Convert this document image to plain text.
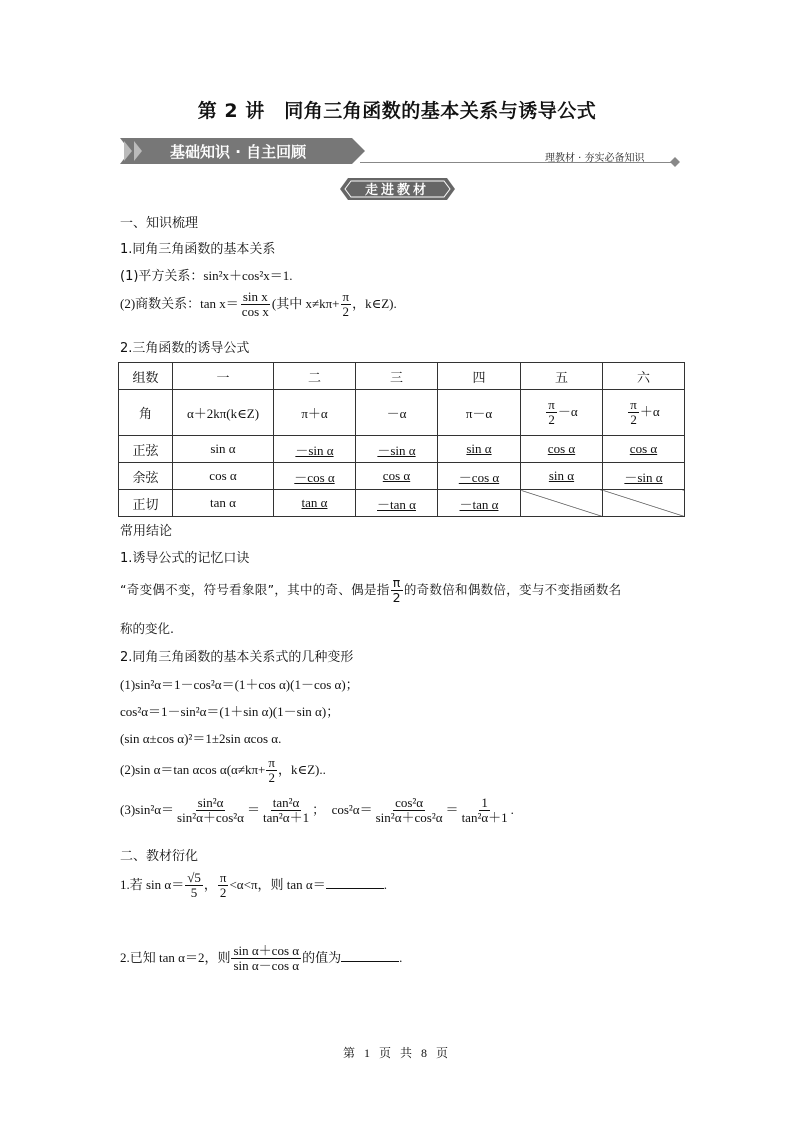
第 2 讲　同角三角函数的基本关系与诱导公式
基础知识 · 自主回顾	理教材 · 夯实必备知识
走进教材
一、知识梳理
1.同角三角函数的基本关系
(1)平方关系：sin²x＋cos²x＝1.
(2)商数关系：$\tan x= \frac{\text{sin x}}{\text{cos x}}$ (其中 $x\ne k\pi+ \frac{\pi}{2}$ ，k∈Z).
2.三角函数的诱导公式
组数	一	二	三	四	五	六
角	α＋2kπ(k∈Z)	π＋α	－α	π－α	$\frac{\pi}{2} -\alpha$	$\frac{\pi}{2} +\alpha$
正弦	sin α	－sin α	－sin α	sin α	cos α	cos α
余弦	cos α	－cos α	cos α	－cos α	sin α	－sin α
正切	tan α	tan α	－tan α	－tan α		
常用结论
1.诱导公式的记忆口诀
“奇变偶不变，符号看象限”，其中的奇、偶是指 $\frac{\pi}{2}$ 的奇数倍和偶数倍，变与不变指函数名
称的变化.
2.同角三角函数的基本关系式的几种变形
(1)sin²α＝1－cos²α＝(1＋cos α)(1－cos α)；
cos²α＝1－sin²α＝(1＋sin α)(1－sin α)；
(sin α±cos α)²＝1±2sin αcos α.
(2)sin α＝tan αcos $\alpha(\alpha\ne k\pi+ \frac{\pi}{2}$ ，k∈Z)..
$(3)\sin^2\alpha= \frac{\text{sin²α}}{\text{sin²α＋cos²α}} = \frac{\text{tan²α}}{\text{tan²α＋1}}$ ；　$\cos^2\alpha= \frac{\text{cos²α}}{\text{sin²α＋cos²α}} = \frac{1}{\text{tan²α＋1}}$ .
二、教材衍化
1.若 $\sin \alpha= \frac{√5}{5}$ ， $\frac{\pi}{2} <\alpha<\pi$，则 tan α＝	.
2.已知 tan α＝2，则 $\frac{\text{sin α＋cos α}}{\text{sin α－cos α}}$ 的值为	.
第 1 页 共 8 页
